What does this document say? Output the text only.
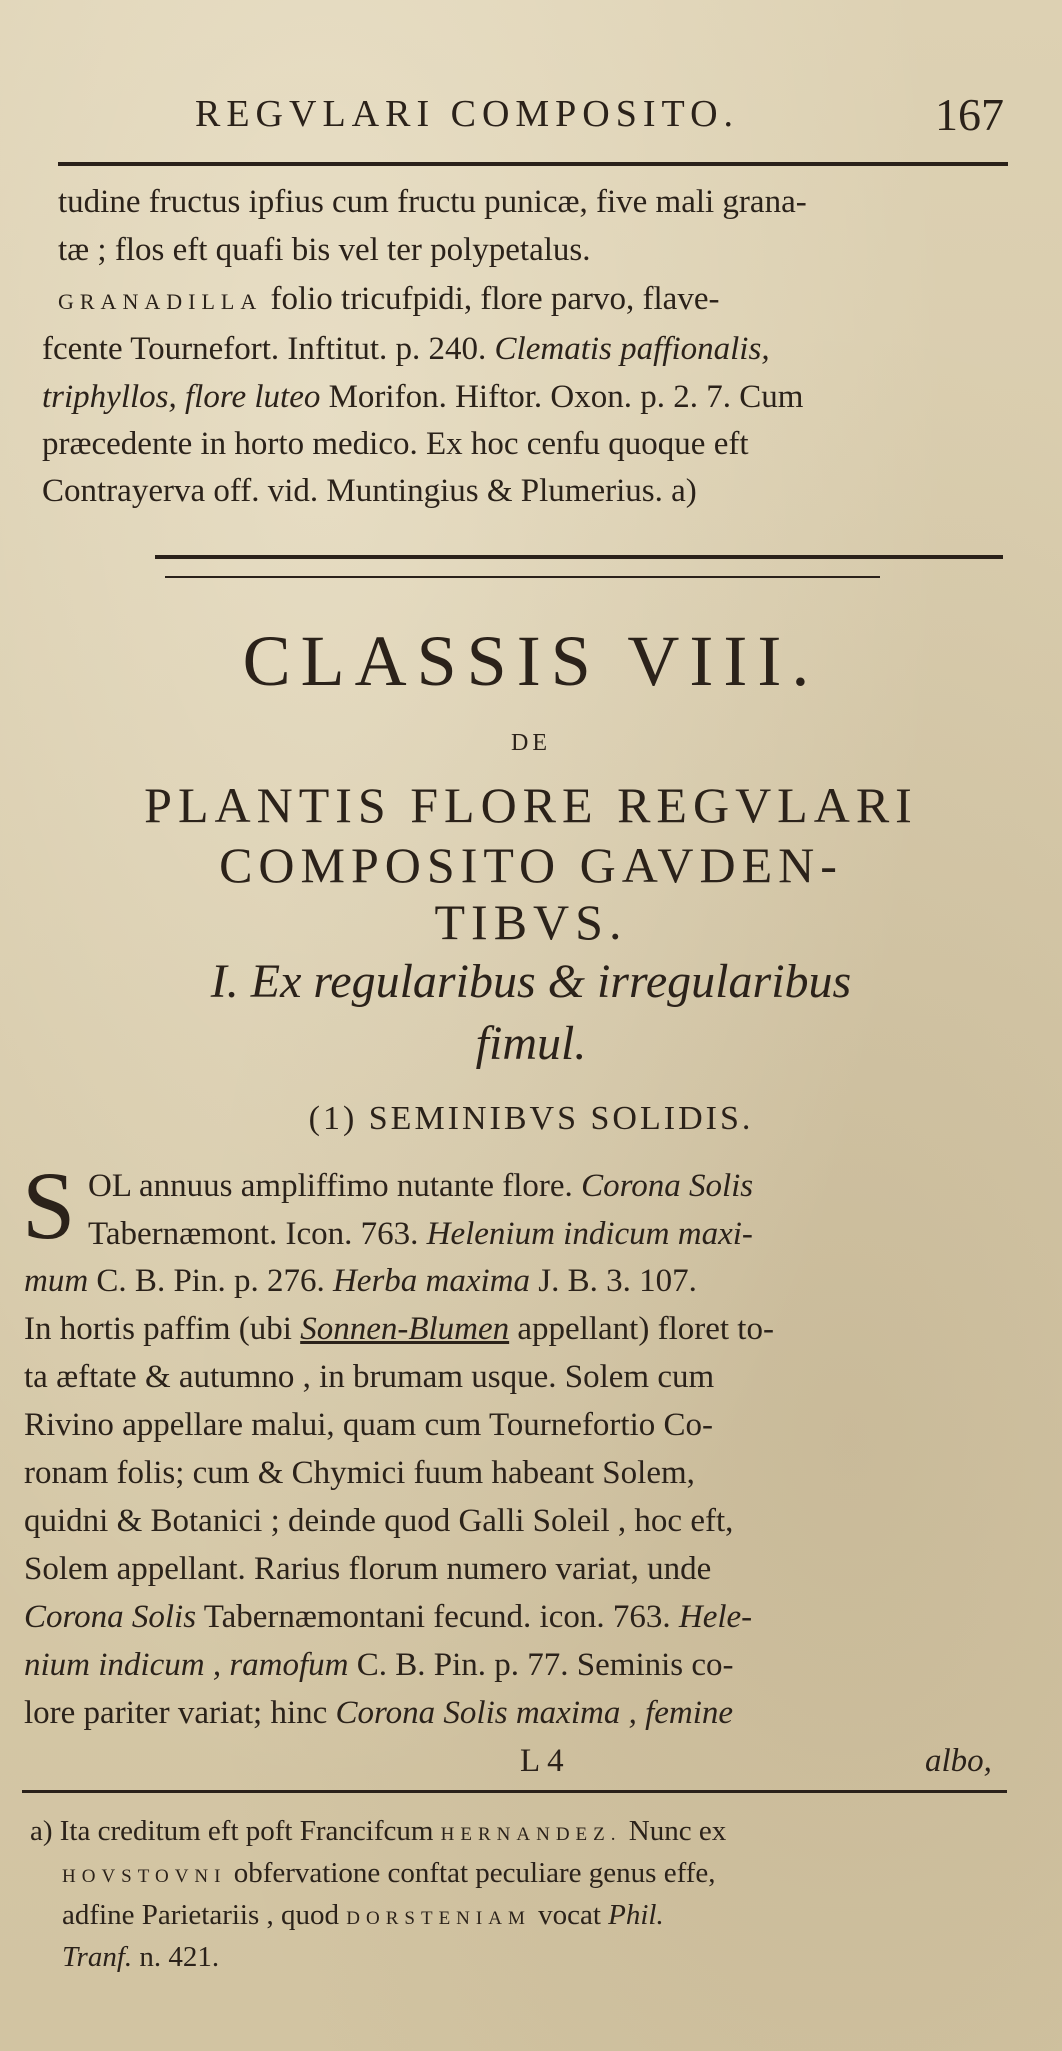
REGVLARI COMPOSITO.	167
tudine fructus ipfius cum fructu punicæ, five mali grana-
tæ ; flos eft quafi bis vel ter polypetalus.
GRANADILLA folio tricufpidi, flore parvo, flave-
fcente Tournefort. Inftitut. p. 240. Clematis paffionalis,
triphyllos, flore luteo Morifon. Hiftor. Oxon. p. 2. 7. Cum
præcedente in horto medico. Ex hoc cenfu quoque eft
Contrayerva off. vid. Muntingius & Plumerius. a)
CLASSIS VIII.
DE
PLANTIS FLORE REGVLARI
COMPOSITO GAVDEN-
TIBVS.
I. Ex regularibus & irregularibus
fimul.
(1) SEMINIBVS SOLIDIS.
S OL annuus ampliffimo nutante flore. Corona Solis
Tabernæmont. Icon. 763. Helenium indicum maxi-
mum C. B. Pin. p. 276. Herba maxima J. B. 3. 107.
In hortis paffim (ubi Sonnen-Blumen appellant) floret to-
ta æftate & autumno , in brumam usque. Solem cum
Rivino appellare malui, quam cum Tournefortio Co-
ronam folis; cum & Chymici fuum habeant Solem,
quidni & Botanici ; deinde quod Galli Soleil , hoc eft,
Solem appellant. Rarius florum numero variat, unde
Corona Solis Tabernæmontani fecund. icon. 763. Hele-
nium indicum , ramofum C. B. Pin. p. 77. Seminis co-
lore pariter variat; hinc Corona Solis maxima , femine
L 4	albo,
a) Ita creditum eft poft Francifcum HERNANDEZ. Nunc ex
HOVSTOVNI obfervatione conftat peculiare genus effe,
adfine Parietariis , quod DORSTENIAM vocat Phil.
Tranf. n. 421.
